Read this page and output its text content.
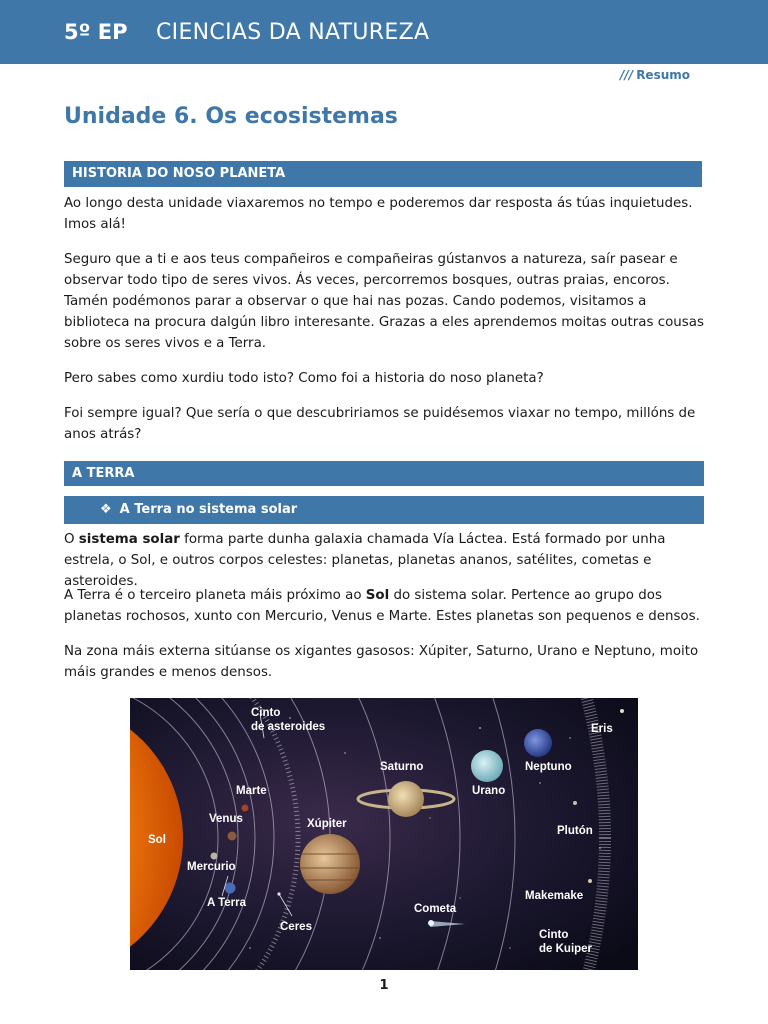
5º EP CIENCIAS DA NATUREZA
/// Resumo
Unidade 6. Os ecosistemas
HISTORIA DO NOSO PLANETA
Ao longo desta unidade viaxaremos no tempo e poderemos dar resposta ás túas inquietudes. Imos alá!
Seguro que a ti e aos teus compañeiros e compañeiras gústanvos a natureza, saír pasear e observar todo tipo de seres vivos. Ás veces, percorremos bosques, outras praias, encoros. Tamén podémonos parar a observar o que hai nas pozas. Cando podemos, visitamos a biblioteca na procura dalgún libro interesante. Grazas a eles aprendemos moitas outras cousas sobre os seres vivos e a Terra.
Pero sabes como xurdiu todo isto? Como foi a historia do noso planeta?
Foi sempre igual? Que sería o que descubririamos se puidésemos viaxar no tempo, millóns de anos atrás?
A TERRA
❖ A Terra no sistema solar
O sistema solar forma parte dunha galaxia chamada Vía Láctea. Está formado por unha estrela, o Sol, e outros corpos celestes: planetas, planetas ananos, satélites, cometas e asteroides.
A Terra é o terceiro planeta máis próximo ao Sol do sistema solar. Pertence ao grupo dos planetas rochosos, xunto con Mercurio, Venus e Marte. Estes planetas son pequenos e densos.
Na zona máis externa sitúanse os xigantes gasosos: Xúpiter, Saturno, Urano e Neptuno, moito máis grandes e menos densos.
Cinto
de asteroides	Eris
Saturno	Neptuno
Marte	Urano
Venus	Xúpiter
Plutón
Sol
Mercurio
A Terra	Cometa
Makemake
Ceres
Cinto
de Kuiper
1
